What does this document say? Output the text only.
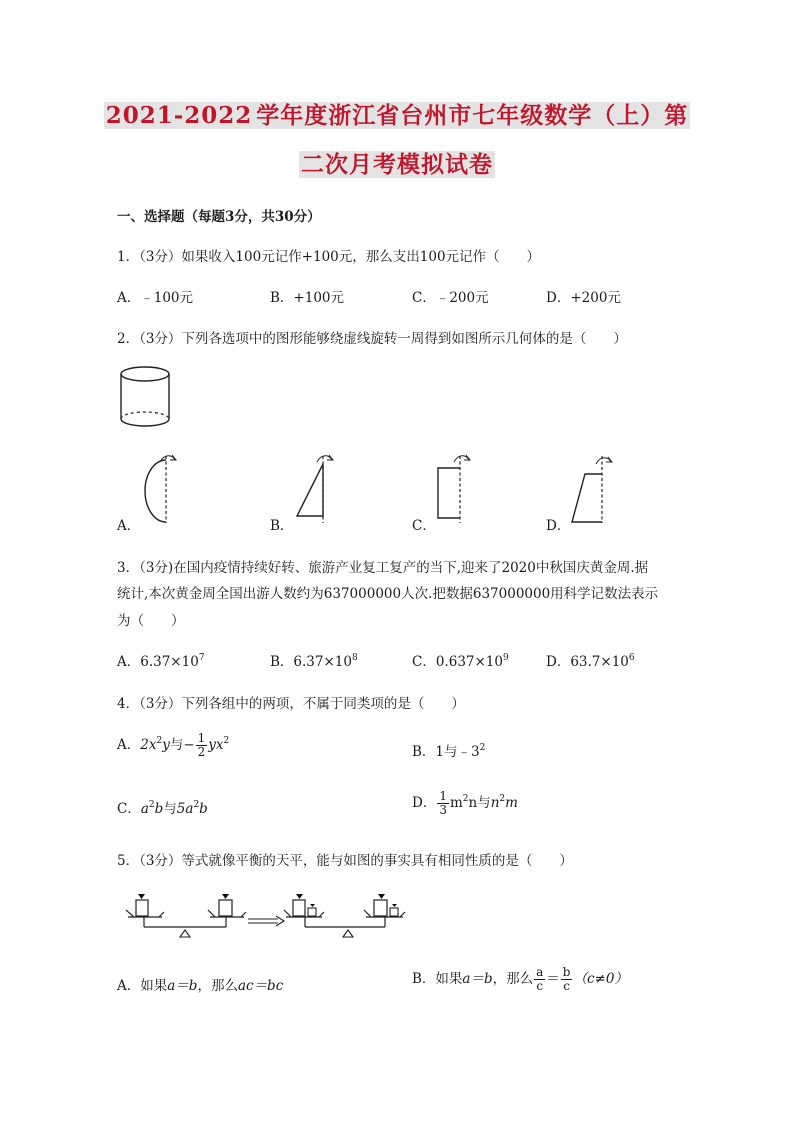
2021-2022 学年度浙江省台州市七年级数学（上）第
二次月考模拟试卷
一、选择题（每题3分，共30分）
1．（3分）如果收入100元记作+100元，那么支出100元记作（　　）
A．﹣100元	B．+100元	C．﹣200元	D．+200元
2．（3分）下列各选项中的图形能够绕虚线旋转一周得到如图所示几何体的是（　　）
A．	B．	C．	D．
3．（3分)在国内疫情持续好转、旅游产业复工复产的当下,迎来了2020中秋国庆黄金周.据
统计,本次黄金周全国出游人数约为637000000人次.把数据637000000用科学记数法表示
为（　　）
A．$6.37\times 10^7$	B．$6.37\times 10^8$	C．$0.637\times 10^9$	D．$63.7\times 10^6$
4．（3分）下列各组中的两项，不属于同类项的是（　　）
A．$2x^2y$与− $\frac{1}{2} yx^2$
B．1与$﹣3^2$
C．$a^2b$与$5a^2b$	D． $\frac{1}{3} m^2n$与$n^2m$
5．（3分）等式就像平衡的天平，能与如图的事实具有相同性质的是（　　）
A．如果a＝b，那么ac＝bc	B．如果a＝b，那么 $\frac{a}{c} = \frac{b}{c} (c\ne 0)$
